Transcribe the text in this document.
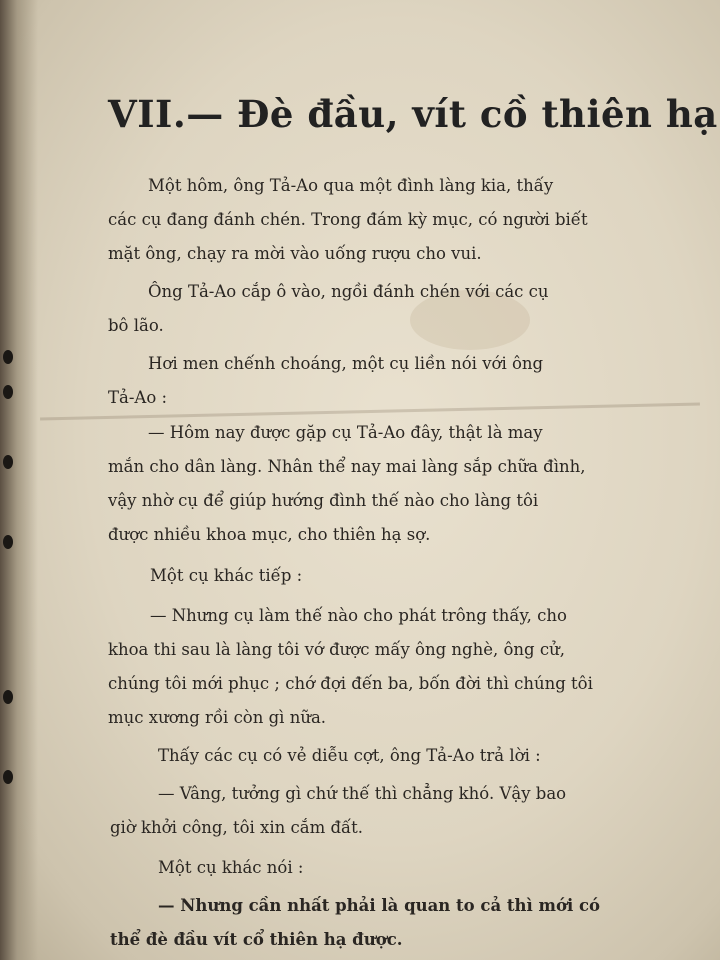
VII.— Đè đầu, vít cồ thiên hạ
Một hôm, ông Tả-Ao qua một đình làng kia, thấy
các cụ đang đánh chén. Trong đám kỳ mục, có người biết
mặt ông, chạy ra mời vào uống rượu cho vui.
Ông Tả-Ao cắp ô vào, ngồi đánh chén với các cụ
bô lão.
Hơi men chếnh choáng, một cụ liền nói với ông
Tả-Ao :
— Hôm nay được gặp cụ Tả-Ao đây, thật là may
mắn cho dân làng. Nhân thể nay mai làng sắp chữa đình,
vậy nhờ cụ để giúp hướng đình thế nào cho làng tôi
được nhiều khoa mục, cho thiên hạ sợ.
Một cụ khác tiếp :
— Nhưng cụ làm thế nào cho phát trông thấy, cho
khoa thi sau là làng tôi vớ được mấy ông nghè, ông cử,
chúng tôi mới phục ; chớ đợi đến ba, bốn đời thì chúng tôi
mục xương rồi còn gì nữa.
Thấy các cụ có vẻ diễu cợt, ông Tả-Ao trả lời :
— Vâng, tưởng gì chứ thế thì chẳng khó. Vậy bao
giờ khởi công, tôi xin cắm đất.
Một cụ khác nói :
— Nhưng cần nhất phải là quan to cả thì mới có
thể đè đầu vít cổ thiên hạ được.
